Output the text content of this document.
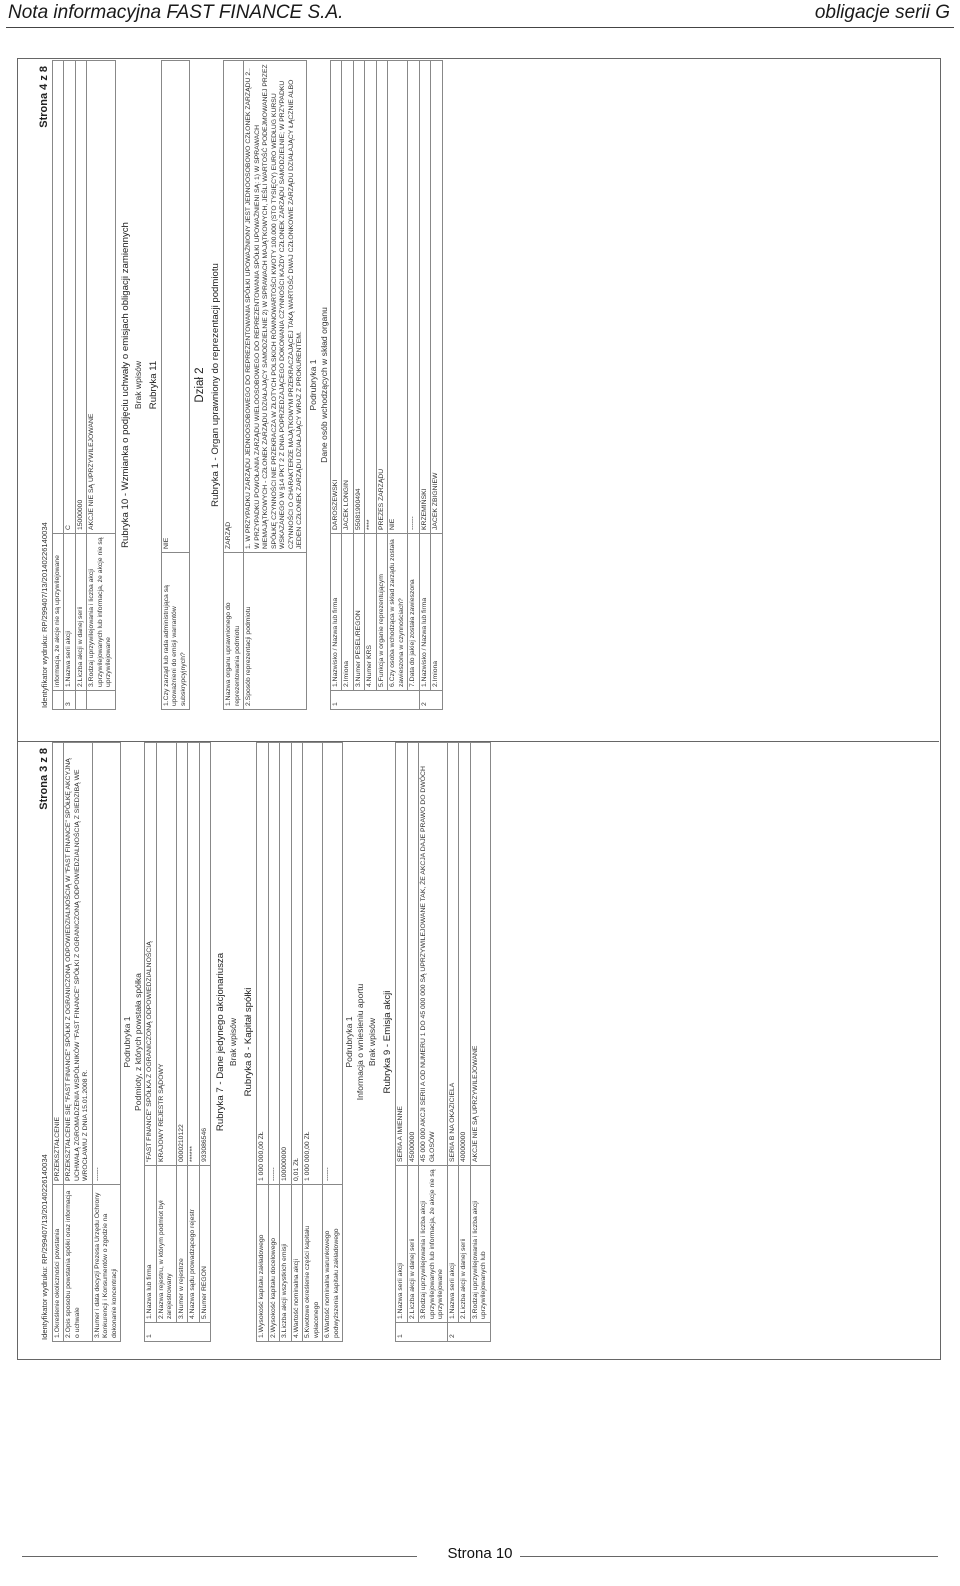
Nota informacyjna FAST FINANCE S.A.	obligacje serii G
Identyfikator wydruku: RP/299407/13/20140226140034
Strona 4 z 8
	informacja, że akcje nie są uprzywilejowane	
3	1.Nazwa serii akcji	C
	2.Liczba akcji w danej serii	15000000
	3.Rodzaj uprzywilejowania i liczba akcji uprzywilejowanych lub informacja, że akcje nie są uprzywilejowane	AKCJE NIE SĄ UPRZYWILEJOWANE	Rubryka 10 - Wzmianka o podjęciu uchwały o emisjach obligacji zamiennych Brak wpisów Rubryka 11
1.Czy zarząd lub rada administrująca są upoważnieni do emisji warrantów subskrypcyjnych?	NIE
Dział 2 Rubryka 1 - Organ uprawniony do reprezentacji podmiotu
1.Nazwa organu uprawnionego do reprezentowania podmiotu	ZARZĄD
2.Sposób reprezentacji podmiotu	1. W PRZYPADKU ZARZĄDU JEDNOOSOBOWEGO DO REPREZENTOWANIA SPÓŁKI UPOWAŻNIONY JEST JEDNOOSOBOWO CZŁONEK ZARZĄDU 2.. W PRZYPADKU POWOŁANIA ZARZĄDU WIELOOSOBOWEGO DO REPREZENTOWANIA SPÓŁKI UPOWAŻNIENI SĄ: 1) W SPRAWACH NIEMAJĄTKOWYCH - CZŁONEK ZARZĄDU DZIAŁAJĄCY SAMODZIELNIE 2) W SPRAWACH MAJĄTKOWYCH, JEŚLI WARTOŚĆ PODEJMOWANEJ PRZEZ SPÓŁKĘ CZYNNOŚCI NIE PRZEKRACZA W ZŁOTYCH POLSKICH RÓWNOWARTOŚCI KWOTY 100.000 (STO TYSIĘCY) EURO WEDŁUG KURSU WSKAZANEGO W §14 PKT 2 Z DNIA POPRZEDZAJĄCEGO DOKONANIA CZYNNOŚCI KAŻDY CZŁONEK ZARZĄDU SAMODZIELNIE; W PRZYPADKU CZYNNOŚCI O CHARAKTERZE MAJĄTKOWYM PRZEKRACZAJĄCEJ TAKĄ WARTOŚĆ DWAJ CZŁONKOWIE ZARZĄDU DZIAŁAJĄCY ŁĄCZNIE ALBO JEDEN CZŁONEK ZARZĄDU DZIAŁAJĄCY WRAZ Z PROKURENTEM. Podrubryka 1 Dane osób wchodzących w skład organu
1	1.Nazwisko / Nazwa lub firma	DAROSZEWSKI
	2.Imiona	JACEK LONGIN
	3.Numer PESEL/REGON	55081900494
	4.Numer KRS	****
	5.Funkcja w organie reprezentującym	PREZES ZARZĄDU
	6.Czy osoba wchodząca w skład zarządu została zawieszona w czynnościach?	NIE
	7.Data do jakiej została zawieszona	------
2	1.Nazwisko / Nazwa lub firma	KRZEMIŃSKI
	2.Imiona	JACEK ZBIGNIEW
Identyfikator wydruku: RP/299407/13/20140226140034
Strona 3 z 8
1.Określenie okoliczności powstania	PRZEKSZTAŁCENIE
2.Opis sposobu powstania spółki oraz informacja o uchwale	PRZEKSZTAŁCENIE SIĘ "FAST FINANCE" SPÓŁKI Z OGRANICZONĄ ODPOWIEDZIALNOŚCIĄ W "FAST FINANCE" SPÓŁKĘ AKCYJNĄ UCHWAŁĄ ZGROMADZENIA WSPÓLNIKÓW "FAST FINANCE" SPÓŁKI Z OGRANICZONĄ ODPOWIEDZIALNOŚCIĄ Z SIEDZIBĄ WE WROCŁAWIU Z DNIA 15.01.2008 R.
3.Numer i data decyzji Prezesa Urzędu Ochrony Konkurencji i Konsumentów o zgodzie na dokonanie koncentracji	------
Podrubryka 1 Podmioty, z których powstała spółka
1	1.Nazwa lub firma	"FAST FINANCE" SPÓŁKA Z OGRANICZONĄ ODPOWIEDZIALNOŚCIĄ
	2.Nazwa rejestru, w którym podmiot był zarejestrowany	KRAJOWY REJESTR SĄDOWY
	3.Numer w rejestrze	0000210122
	4.Nazwa sądu prowadzącego rejestr	******
	5.Numer REGON	933086546
Rubryka 7 - Dane jedynego akcjonariusza Brak wpisów Rubryka 8 - Kapitał spółki
1.Wysokość kapitału zakładowego	1 000 000,00 ZŁ
2.Wysokość kapitału docelowego	------
3.Liczba akcji wszystkich emisji	100000000
4.Wartość nominalna akcji	0,01 ZŁ
5.Kwotowe określenie części kapitału wpłaconego	1 000 000,00 ZŁ
6.Wartość nominalna warunkowego podwyższenia kapitału zakładowego	------
Podrubryka 1 Informacja o wniesieniu aportu Brak wpisów Rubryka 9 - Emisja akcji
1	1.Nazwa serii akcji	SERIA A IMIENNE
	2.Liczba akcji w danej serii	45000000
	3.Rodzaj uprzywilejowania i liczba akcji uprzywilejowanych lub informacja, że akcje nie są uprzywilejowane	45 000 000 AKCJI SERII A OD NUMERU 1 DO 45 000 000 SĄ UPRZYWILEJOWANE TAK, ŻE AKCJA DAJE PRAWO DO DWÓCH GŁOSÓW
2	1.Nazwa serii akcji	SERIA B NA OKAZICIELA
	2.Liczba akcji w danej serii	40000000
	3.Rodzaj uprzywilejowania i liczba akcji uprzywilejowanych lub	AKCJE NIE SĄ UPRZYWILEJOWANE
Strona 10
